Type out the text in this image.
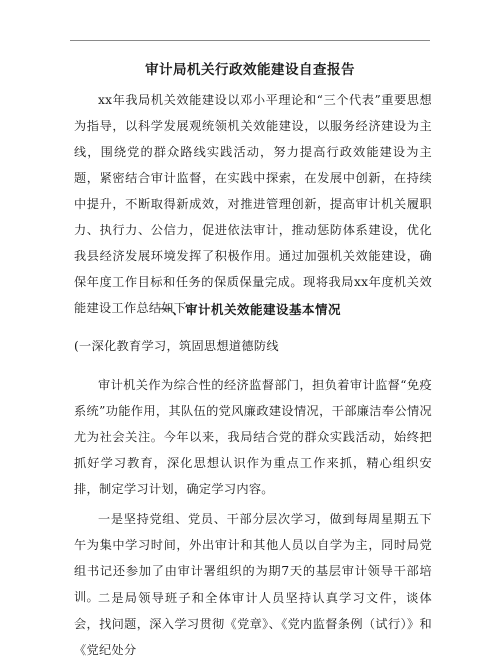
审计局机关行政效能建设自查报告

xx年我局机关效能建设以邓小平理论和“三个代表”重要思想为指导，以科学发展观统领机关效能建设，以服务经济建设为主线，围绕党的群众路线实践活动，努力提高行政效能建设为主题，紧密结合审计监督，在实践中探索，在发展中创新，在持续中提升，不断取得新成效，对推进管理创新，提高审计机关履职力、执行力、公信力，促进依法审计，推动惩防体系建设，优化我县经济发展环境发挥了积极作用。通过加强机关效能建设，确保年度工作目标和任务的保质保量完成。现将我局xx年度机关效能建设工作总结如下：

一、审计机关效能建设基本情况

(一深化教育学习，筑固思想道德防线

审计机关作为综合性的经济监督部门，担负着审计监督“免疫系统”功能作用，其队伍的党风廉政建设情况，干部廉洁奉公情况尤为社会关注。今年以来，我局结合党的群众实践活动，始终把抓好学习教育，深化思想认识作为重点工作来抓，精心组织安排，制定学习计划，确定学习内容。

一是坚持党组、党员、干部分层次学习，做到每周星期五下午为集中学习时间，外出审计和其他人员以自学为主，同时局党组书记还参加了由审计署组织的为期7天的基层审计领导干部培训。 二是局领导班子和全体审计人员坚持认真学习文件，谈体会，找问题，深入学习贯彻《党章》、《党内监督条例（试行）》和《党纪处分
